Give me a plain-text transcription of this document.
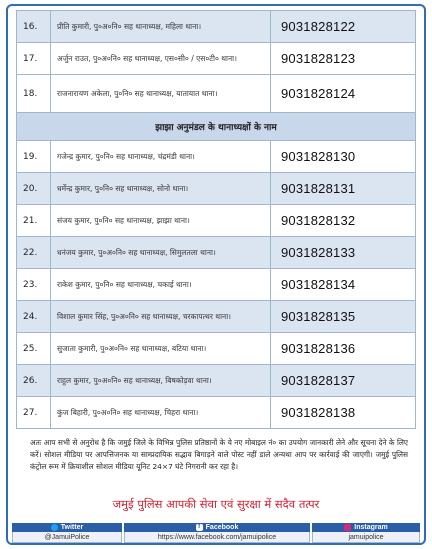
16.	प्रीति कुमारी, पु०अ०नि० सह थानाध्यक्ष, महिला थाना।	9031828122
17.	अर्जुन राउत, पु०अ०नि० सह थानाध्यक्ष, एस०सी० / एस०टी० थाना।	9031828123
18.	राजनारायण अकेला, पु०नि० सह थानाध्यक्ष, यातायात थाना।	9031828124
झाझा अनुमंडल के थानाध्यक्षों के नाम		
19.	गजेन्द्र कुमार, पु०नि० सह थानाध्यक्ष, चंद्रमंडी थाना।	9031828130
20.	धर्मेन्द्र कुमार, पु०नि० सह थानाध्यक्ष, सोनो थाना।	9031828131
21.	संजय कुमार, पु०नि० सह थानाध्यक्ष, झाझा थाना।	9031828132
22.	धनंजय कुमार, पु०अ०नि० सह थानाध्यक्ष, सिमुलतला थाना।	9031828133
23.	राकेश कुमार, पु०नि० सह थानाध्यक्ष, चकाई थाना।	9031828134
24.	विशाल कुमार सिंह, पु०अ०नि० सह थानाध्यक्ष, चरकापत्थर थाना।	9031828135
25.	सुजाता कुमारी, पु०अ०नि० सह थानाध्यक्ष, बटिया थाना।	9031828136
26.	राहुल कुमार, पु०अ०नि० सह थानाध्यक्ष, बिषकोड़वा थाना।	9031828137
27.	कुंज बिहारी, पु०अ०नि० सह थानाध्यक्ष, चिहरा थाना।	9031828138

अतः आप सभी से अनुरोध है कि जमुई जिले के विभिन्न पुलिस प्रतिष्ठानों के ये नए मोबाइल नं० का उपयोग जानकारी लेने और सूचना देने के लिए करें। सोशल मीडिया पर आपत्तिजनक या साम्प्रदायिक सद्भाव बिगाड़ने वाले पोस्ट नहीं डाले अन्यथा आप पर कार्रवाई की जाएगी। जमुई पुलिस कंट्रोल रूम में क्रियाशील सोशल मीडिया यूनिट 24×7 घंटे निगरानी कर रहा है।

जमुई पुलिस आपकी सेवा एवं सुरक्षा में सदैव तत्पर
Twitter
@JamuiPolice
f Facebook
https://www.facebook.com/jamuipolice
Instagram
jamuipolice
